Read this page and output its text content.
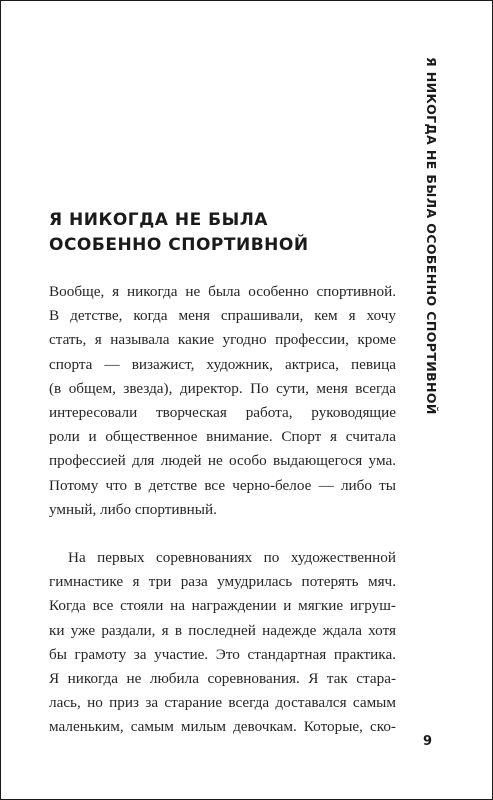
Я НИКОГДА НЕ БЫЛА ОСОБЕННО СПОРТИВНОЙ
Я НИКОГДА НЕ БЫЛА
ОСОБЕННО СПОРТИВНОЙ
Вообще, я никогда не была особенно спортивной.
В детстве, когда меня спрашивали, кем я хочу
стать, я называла какие угодно профессии, кроме
спорта — визажист, художник, актриса, певица
(в общем, звезда), директор. По сути, меня всегда
интересовали творческая работа, руководящие
роли и общественное внимание. Спорт я считала
профессией для людей не особо выдающегося ума.
Потому что в детстве все черно-белое — либо ты
умный, либо спортивный.
На первых соревнованиях по художественной
гимнастике я три раза умудрилась потерять мяч.
Когда все стояли на награждении и мягкие игруш-
ки уже раздали, я в последней надежде ждала хотя
бы грамоту за участие. Это стандартная практика.
Я никогда не любила соревнования. Я так стара-
лась, но приз за старание всегда доставался самым
маленьким, самым милым девочкам. Которые, ско-
9
